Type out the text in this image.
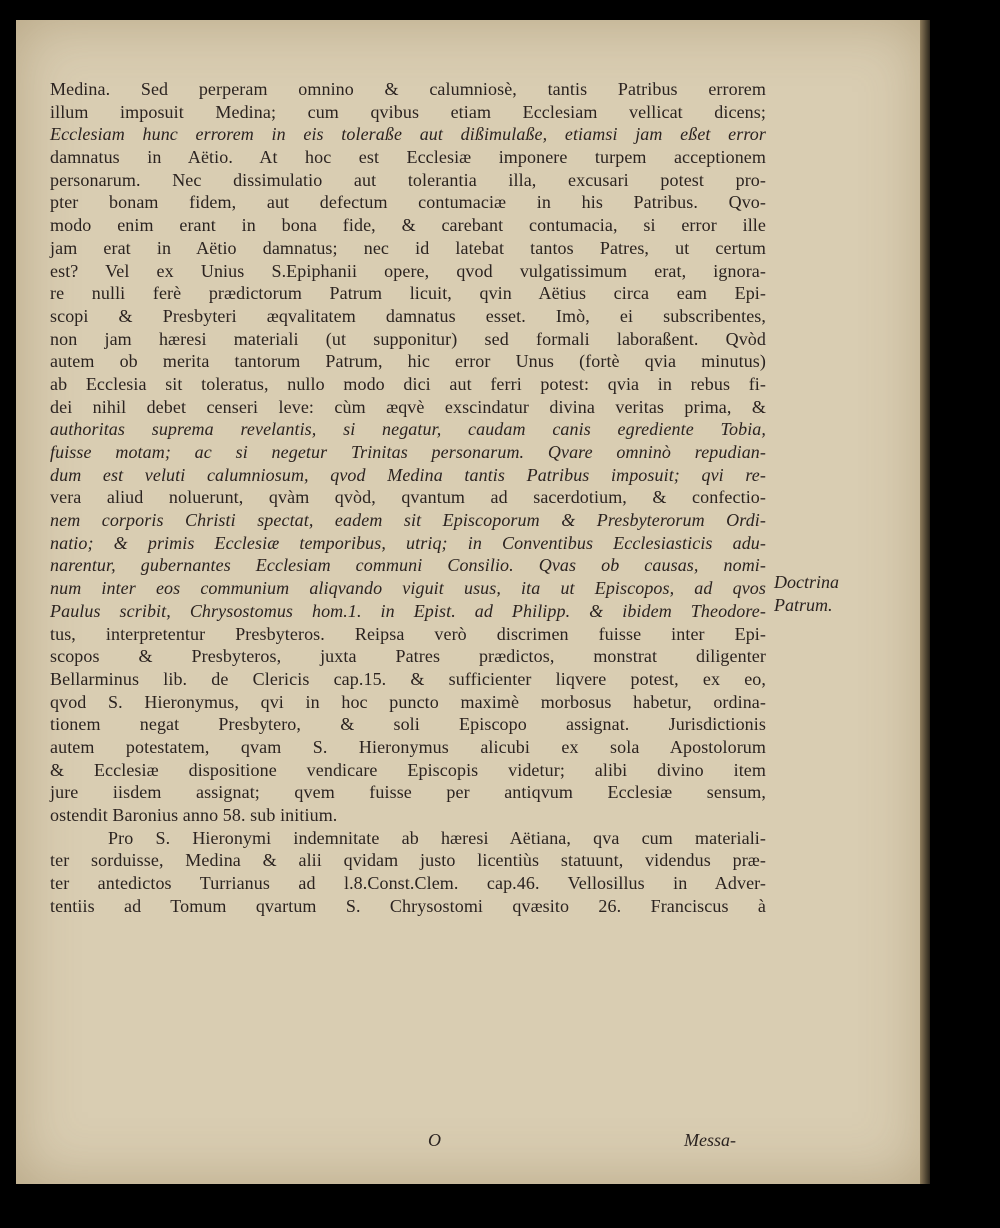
Medina. Sed perperam omnino & calumniosè, tantis Patribus errorem
illum imposuit Medina; cum qvibus etiam Ecclesiam vellicat dicens;
Ecclesiam hunc errorem in eis toleraße aut dißimulaße, etiamsi jam eßet error
damnatus in Aëtio. At hoc est Ecclesiæ imponere turpem acceptionem
personarum. Nec dissimulatio aut tolerantia illa, excusari potest pro-
pter bonam fidem, aut defectum contumaciæ in his Patribus. Qvo-
modo enim erant in bona fide, & carebant contumacia, si error ille
jam erat in Aëtio damnatus; nec id latebat tantos Patres, ut certum
est? Vel ex Unius S.Epiphanii opere, qvod vulgatissimum erat, ignora-
re nulli ferè prædictorum Patrum licuit, qvin Aëtius circa eam Epi-
scopi & Presbyteri æqvalitatem damnatus esset. Imò, ei subscribentes,
non jam hæresi materiali (ut supponitur) sed formali laboraßent. Qvòd
autem ob merita tantorum Patrum, hic error Unus (fortè qvia minutus)
ab Ecclesia sit toleratus, nullo modo dici aut ferri potest: qvia in rebus fi-
dei nihil debet censeri leve: cùm æqvè exscindatur divina veritas prima, &
authoritas suprema revelantis, si negatur, caudam canis egrediente Tobia,
fuisse motam; ac si negetur Trinitas personarum. Qvare omninò repudian-
dum est veluti calumniosum, qvod Medina tantis Patribus imposuit; qvi re-
vera aliud noluerunt, qvàm qvòd, qvantum ad sacerdotium, & confectio-
nem corporis Christi spectat, eadem sit Episcoporum & Presbyterorum Ordi-
natio; & primis Ecclesiæ temporibus, utriq; in Conventibus Ecclesiasticis adu-
narentur, gubernantes Ecclesiam communi Consilio. Qvas ob causas, nomi-
num inter eos communium aliqvando viguit usus, ita ut Episcopos, ad qvos
Paulus scribit, Chrysostomus hom.1. in Epist. ad Philipp. & ibidem Theodore-
tus, interpretentur Presbyteros. Reipsa verò discrimen fuisse inter Epi-
scopos & Presbyteros, juxta Patres prædictos, monstrat diligenter
Bellarminus lib. de Clericis cap.15. & sufficienter liqvere potest, ex eo,
qvod S. Hieronymus, qvi in hoc puncto maximè morbosus habetur, ordina-
tionem negat Presbytero, & soli Episcopo assignat. Jurisdictionis
autem potestatem, qvam S. Hieronymus alicubi ex sola Apostolorum
& Ecclesiæ dispositione vendicare Episcopis videtur; alibi divino item
jure iisdem assignat; qvem fuisse per antiqvum Ecclesiæ sensum,
ostendit Baronius anno 58. sub initium.
Pro S. Hieronymi indemnitate ab hæresi Aëtiana, qva cum materiali-
ter sorduisse, Medina & alii qvidam justo licentiùs statuunt, videndus præ-
ter antedictos Turrianus ad l.8.Const.Clem. cap.46. Vellosillus in Adver-
tentiis ad Tomum qvartum S. Chrysostomi qvæsito 26. Franciscus à
Doctrina
Patrum.
O	Messa-
